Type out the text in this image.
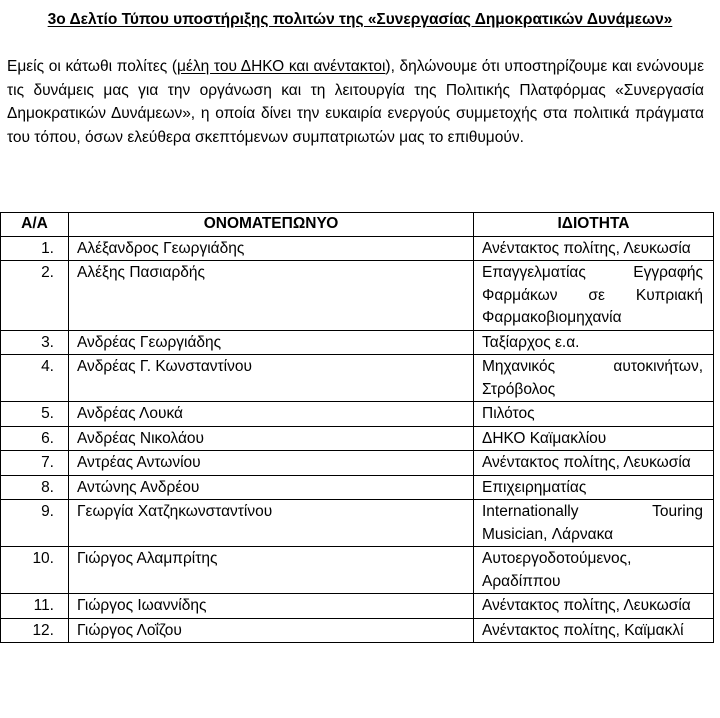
3ο Δελτίο Τύπου υποστήριξης πολιτών της «Συνεργασίας Δημοκρατικών Δυνάμεων»
Εμείς οι κάτωθι πολίτες (μέλη του ΔΗΚΟ και ανέντακτοι), δηλώνουμε ότι υποστηρίζουμε και ενώνουμε τις δυνάμεις μας για την οργάνωση και τη λειτουργία της Πολιτικής Πλατφόρμας «Συνεργασία Δημοκρατικών Δυνάμεων», η οποία δίνει την ευκαιρία ενεργούς συμμετοχής στα πολιτικά πράγματα του τόπου, όσων ελεύθερα σκεπτόμενων συμπατριωτών μας το επιθυμούν.
Α/Α	ΟΝΟΜΑΤΕΠΩΝΥΟ	ΙΔΙΟΤΗΤΑ
1.	Αλέξανδρος Γεωργιάδης	Ανέντακτος πολίτης, Λευκωσία
2.	Αλέξης Πασιαρδής	Επαγγελματίας Εγγραφής Φαρμάκων σε Κυπριακή Φαρμακοβιομηχανία
3.	Ανδρέας Γεωργιάδης	Ταξίαρχος ε.α.
4.	Ανδρέας Γ. Κωνσταντίνου	Μηχανικός αυτοκινήτων, Στρόβολος
5.	Ανδρέας Λουκά	Πιλότος
6.	Ανδρέας Νικολάου	ΔΗΚΟ Καϊμακλίου
7.	Αντρέας Αντωνίου	Ανέντακτος πολίτης, Λευκωσία
8.	Αντώνης Ανδρέου	Επιχειρηματίας
9.	Γεωργία Χατζηκωνσταντίνου	Internationally Touring Musician, Λάρνακα
10.	Γιώργος Αλαμπρίτης	Αυτοεργοδοτούμενος, Αραδίππου
11.	Γιώργος Ιωαννίδης	Ανέντακτος πολίτης, Λευκωσία
12.	Γιώργος Λοΐζου	Ανέντακτος πολίτης, Καϊμακλί
